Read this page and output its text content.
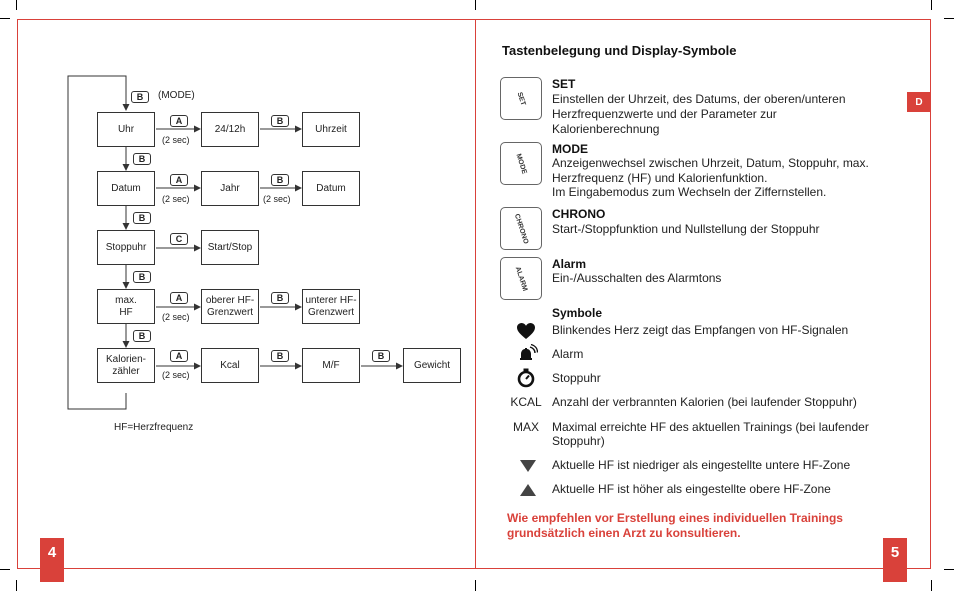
B	(MODE)
Uhr
A
(2 sec)
24/12h
B
Uhrzeit
B
Datum
A
(2 sec)
Jahr
B
(2 sec)
Datum
B
Stoppuhr
C
Start/Stop
B
max.
HF
A
(2 sec)
oberer HF-
Grenzwert
B	unterer HF-
Grenzwert
B
Kalorien-
zähler
A
(2 sec)
Kcal
B
M/F
B
Gewicht
HF=Herzfrequenz
4
Tastenbelegung und Display-Symbole
D
SET
SET
Einstellen der Uhrzeit, des Datums, der oberen/unteren
Herzfrequenzwerte und der Parameter zur
Kalorienberechnung
MODE
MODE
Anzeigenwechsel zwischen Uhrzeit, Datum, Stoppuhr, max.
Herzfrequenz (HF) und Kalorienfunktion.
Im Eingabemodus zum Wechseln der Ziffernstellen.
CHRONO CHRONO
Start-/Stoppfunktion und Nullstellung der Stoppuhr
ALARM
Alarm
Ein-/Ausschalten des Alarmtons
Symbole
Blinkendes Herz zeigt das Empfangen von HF-Signalen
Alarm
Stoppuhr
KCAL Anzahl der verbrannten Kalorien (bei laufender Stoppuhr)
MAX	Maximal erreichte HF des aktuellen Trainings (bei laufender
Stoppuhr)
Aktuelle HF ist niedriger als eingestellte untere HF-Zone
Aktuelle HF ist höher als eingestellte obere HF-Zone
Wie empfehlen vor Erstellung eines individuellen Trainings
grundsätzlich einen Arzt zu konsultieren.
5
